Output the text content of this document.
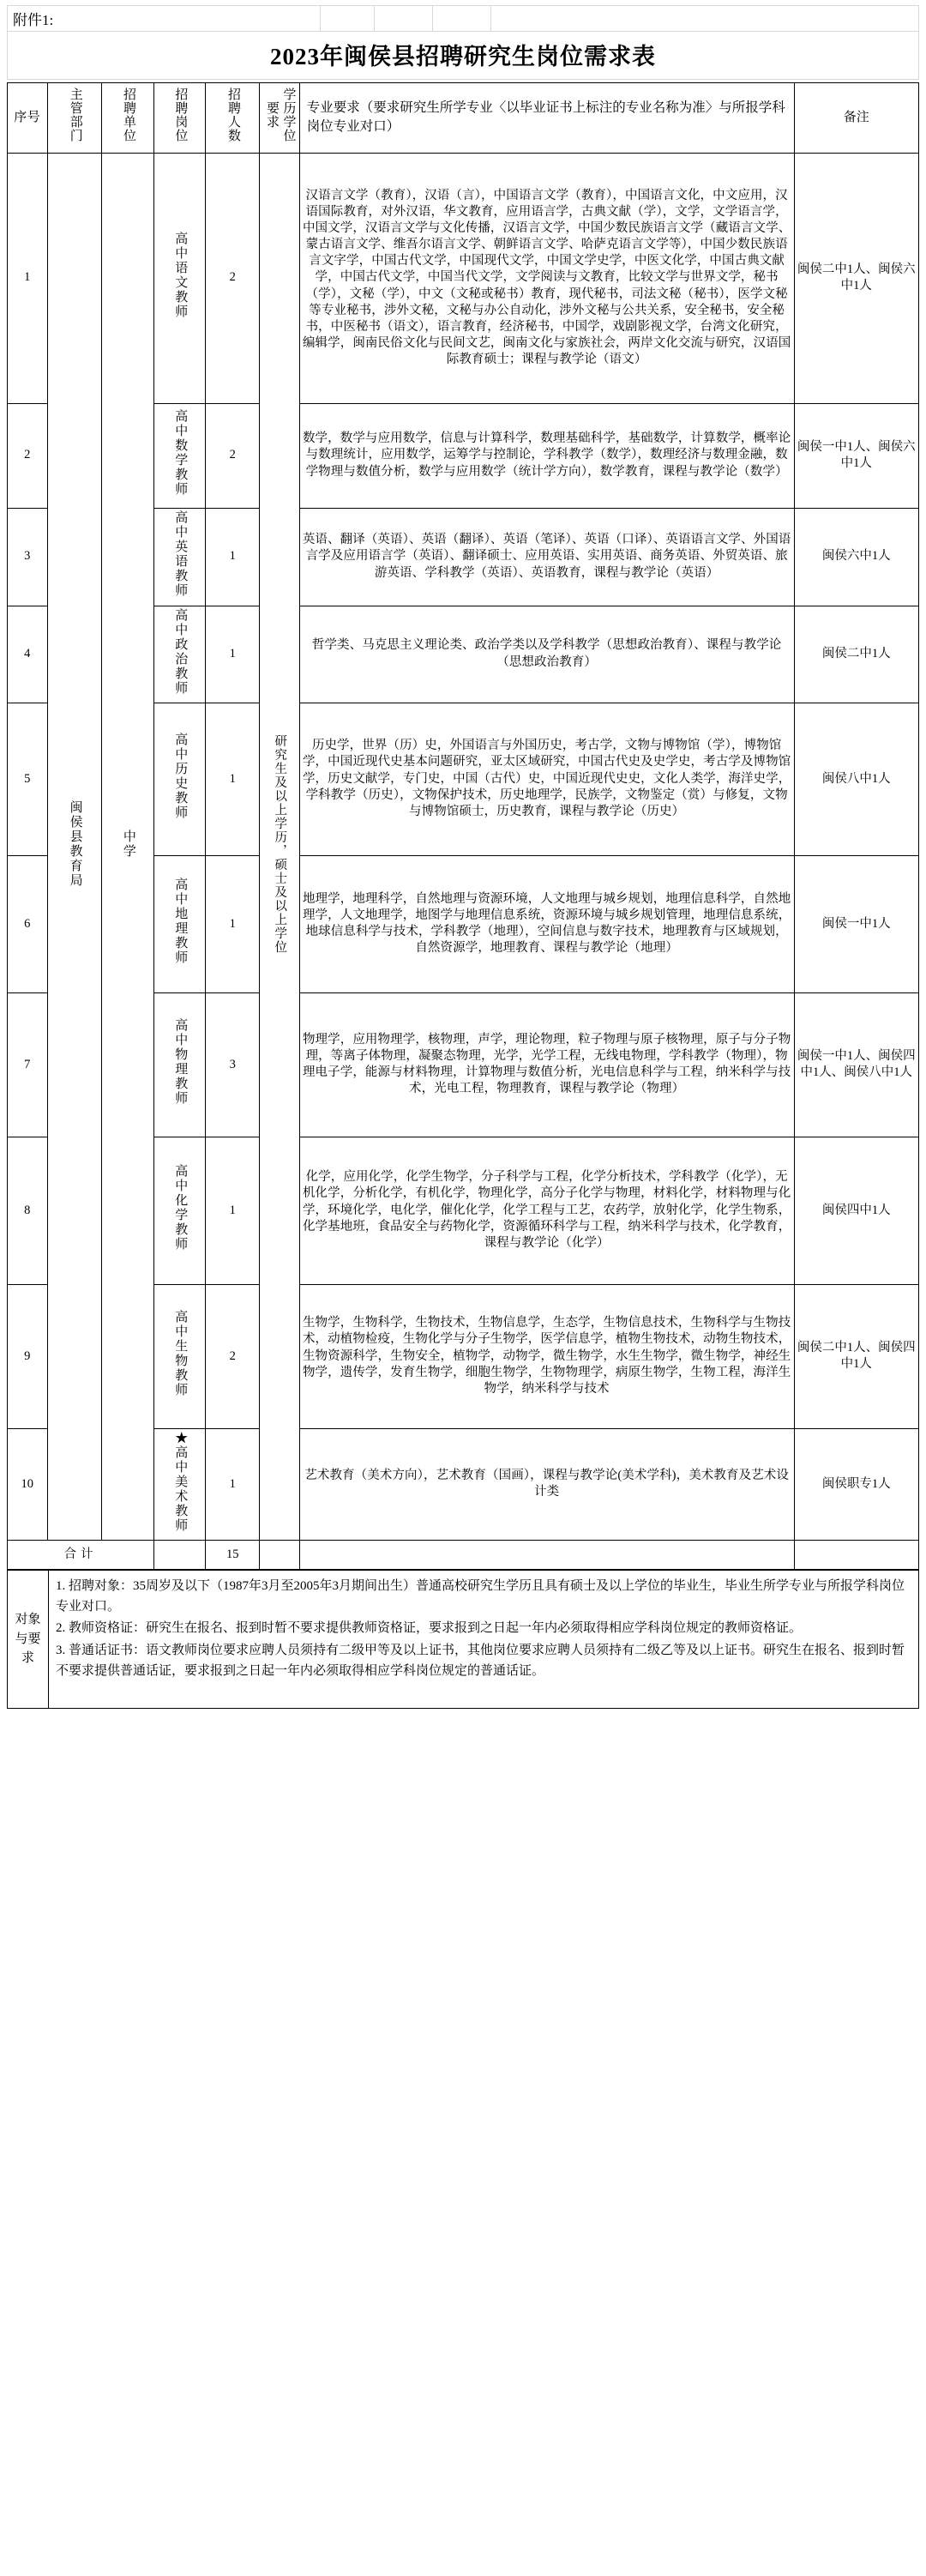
附件1:				
2023年闽侯县招聘研究生岗位需求表
序号	主管部门	招聘单位	招聘岗位	招聘人数	学历学位要求	专业要求（要求研究生所学专业〈以毕业证书上标注的专业名称为准〉与所报学科岗位专业对口）	备注
1	闽侯县教育局	中学	高中语文教师	2	研究生及以上学历，硕士及以上学位	汉语言文学（教育），汉语（言），中国语言文学（教育），中国语言文化，中文应用，汉语国际教育，对外汉语，华文教育，应用语言学，古典文献（学），文学，文学语言学，中国文学，汉语言文学与文化传播，汉语言文学，中国少数民族语言文学（藏语言文学、蒙古语言文学、维吾尔语言文学、朝鲜语言文学、哈萨克语言文学等），中国少数民族语言文字学，中国古代文学，中国现代文学，中国文学史学，中医文化学，中国古典文献学，中国古代文学，中国当代文学，文学阅读与文教育，比较文学与世界文学，秘书（学），文秘（学），中文（文秘或秘书）教育，现代秘书，司法文秘（秘书），医学文秘等专业秘书，涉外文秘，文秘与办公自动化，涉外文秘与公共关系，安全秘书，安全秘书，中医秘书（语文），语言教育，经济秘书，中国学，戏剧影视文学，台湾文化研究，编辑学，闽南民俗文化与民间文艺，闽南文化与家族社会，两岸文化交流与研究，汉语国际教育硕士；课程与教学论（语文）	闽侯二中1人、闽侯六中1人
2			高中数学教师	2		数学，数学与应用数学，信息与计算科学，数理基础科学，基础数学，计算数学，概率论与数理统计，应用数学，运筹学与控制论，学科教学（数学），数理经济与数理金融，数学物理与数值分析，数学与应用数学（统计学方向），数学教育，课程与教学论（数学）	闽侯一中1人、闽侯六中1人
3			高中英语教师	1		英语、翻译（英语）、英语（翻译）、英语（笔译）、英语（口译）、英语语言文学、外国语言学及应用语言学（英语）、翻译硕士、应用英语、实用英语、商务英语、外贸英语、旅游英语、学科教学（英语）、英语教育，课程与教学论（英语）	闽侯六中1人
4			高中政治教师	1		哲学类、马克思主义理论类、政治学类以及学科教学（思想政治教育）、课程与教学论（思想政治教育）	闽侯二中1人
5			高中历史教师	1		历史学，世界（历）史，外国语言与外国历史，考古学，文物与博物馆（学），博物馆学，中国近现代史基本问题研究，亚太区域研究，中国古代史及史学史，考古学及博物馆学，历史文献学，专门史，中国（古代）史，中国近现代史史，文化人类学，海洋史学，学科教学（历史），文物保护技术，历史地理学，民族学，文物鉴定（赏）与修复，文物与博物馆硕士，历史教育，课程与教学论（历史）	闽侯八中1人
6			高中地理教师	1		地理学，地理科学，自然地理与资源环境，人文地理与城乡规划，地理信息科学，自然地理学，人文地理学，地图学与地理信息系统，资源环境与城乡规划管理，地理信息系统，地球信息科学与技术，学科教学（地理），空间信息与数字技术，地理教育与区域规划，自然资源学，地理教育、课程与教学论（地理）	闽侯一中1人
7			高中物理教师	3		物理学，应用物理学，核物理，声学，理论物理，粒子物理与原子核物理，原子与分子物理，等离子体物理，凝聚态物理，光学，光学工程，无线电物理，学科教学（物理），物理电子学，能源与材料物理，计算物理与数值分析，光电信息科学与工程，纳米科学与技术，光电工程，物理教育，课程与教学论（物理）	闽侯一中1人、闽侯四中1人、闽侯八中1人
8			高中化学教师	1		化学，应用化学，化学生物学，分子科学与工程，化学分析技术，学科教学（化学），无机化学，分析化学，有机化学，物理化学，高分子化学与物理，材料化学，材料物理与化学，环境化学，电化学，催化化学，化学工程与工艺，农药学，放射化学，化学生物系，化学基地班，食品安全与药物化学，资源循环科学与工程，纳米科学与技术，化学教育，课程与教学论（化学）	闽侯四中1人
9			高中生物教师	2		生物学，生物科学，生物技术，生物信息学，生态学，生物信息技术，生物科学与生物技术，动植物检疫，生物化学与分子生物学，医学信息学，植物生物技术，动物生物技术，生物资源科学，生物安全，植物学，动物学，微生物学，水生生物学，微生物学，神经生物学，遗传学，发育生物学，细胞生物学，生物物理学，病原生物学，生物工程，海洋生物学，纳米科学与技术	闽侯二中1人、闽侯四中1人
10			★高中美术教师	1		艺术教育（美术方向），艺术教育（国画），课程与教学论(美术学科)，美术教育及艺术设计类	闽侯职专1人
合计				15			
对象与要求	

1. 招聘对象：35周岁及以下（1987年3月至2005年3月期间出生）普通高校研究生学历且具有硕士及以上学位的毕业生，毕业生所学专业与所报学科岗位专业对口。

2. 教师资格证：研究生在报名、报到时暂不要求提供教师资格证，要求报到之日起一年内必须取得相应学科岗位规定的教师资格证。

3. 普通话证书：语文教师岗位要求应聘人员须持有二级甲等及以上证书，其他岗位要求应聘人员须持有二级乙等及以上证书。研究生在报名、报到时暂不要求提供普通话证，要求报到之日起一年内必须取得相应学科岗位规定的普通话证。
